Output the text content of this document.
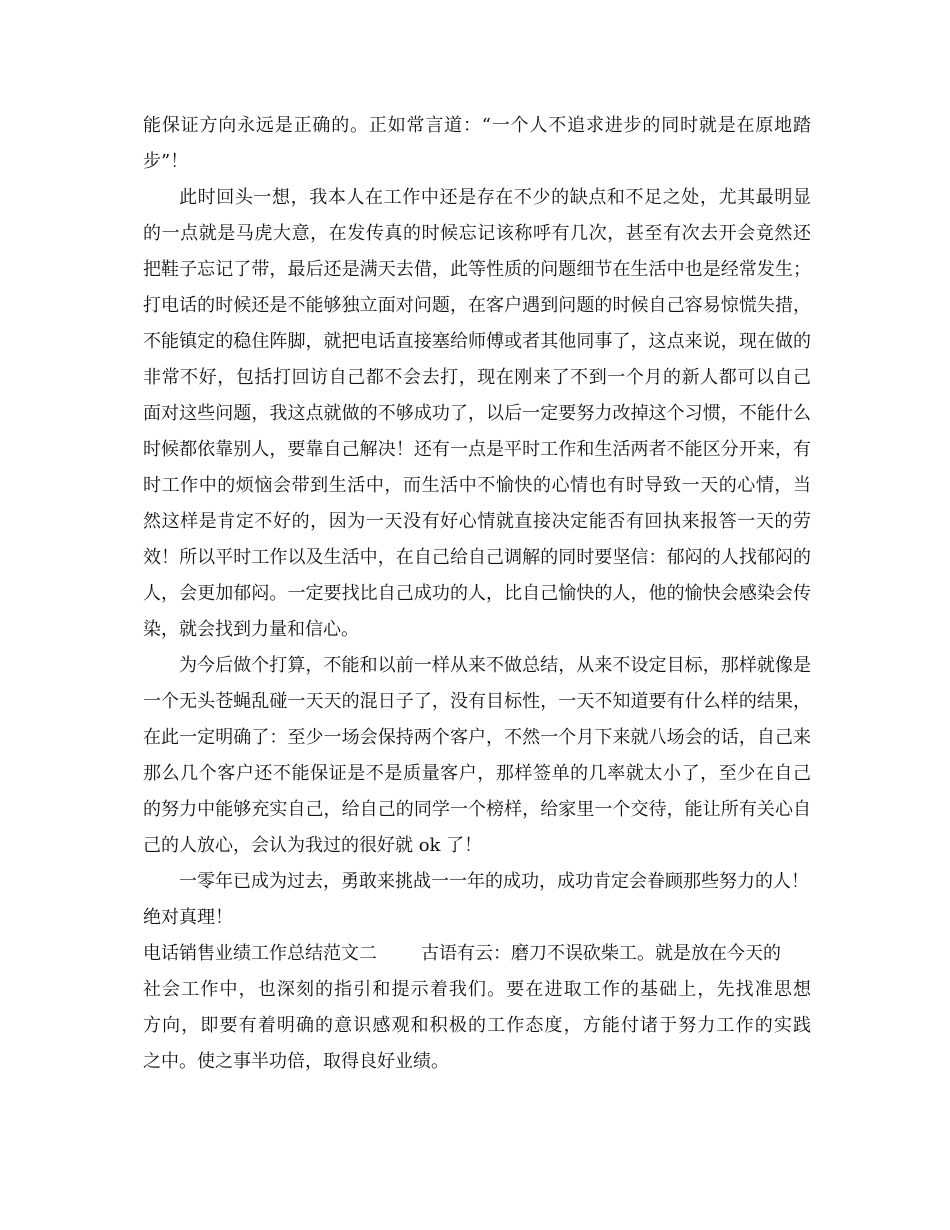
能保证方向永远是正确的。正如常言道：“一个人不追求进步的同时就是在原地踏
步”！
此时回头一想，我本人在工作中还是存在不少的缺点和不足之处，尤其最明显
的一点就是马虎大意，在发传真的时候忘记该称呼有几次，甚至有次去开会竟然还
把鞋子忘记了带，最后还是满天去借，此等性质的问题细节在生活中也是经常发生；
打电话的时候还是不能够独立面对问题，在客户遇到问题的时候自己容易惊慌失措，
不能镇定的稳住阵脚，就把电话直接塞给师傅或者其他同事了，这点来说，现在做的
非常不好，包括打回访自己都不会去打，现在刚来了不到一个月的新人都可以自己
面对这些问题，我这点就做的不够成功了，以后一定要努力改掉这个习惯，不能什么
时候都依靠别人，要靠自己解决！还有一点是平时工作和生活两者不能区分开来，有
时工作中的烦恼会带到生活中，而生活中不愉快的心情也有时导致一天的心情，当
然这样是肯定不好的，因为一天没有好心情就直接决定能否有回执来报答一天的劳
效！所以平时工作以及生活中，在自己给自己调解的同时要坚信：郁闷的人找郁闷的
人，会更加郁闷。一定要找比自己成功的人，比自己愉快的人，他的愉快会感染会传
染，就会找到力量和信心。
为今后做个打算，不能和以前一样从来不做总结，从来不设定目标，那样就像是
一个无头苍蝇乱碰一天天的混日子了，没有目标性，一天不知道要有什么样的结果，
在此一定明确了：至少一场会保持两个客户，不然一个月下来就八场会的话，自己来
那么几个客户还不能保证是不是质量客户，那样签单的几率就太小了，至少在自己
的努力中能够充实自己，给自己的同学一个榜样，给家里一个交待，能让所有关心自
己的人放心，会认为我过的很好就 ok 了！
一零年已成为过去，勇敢来挑战一一年的成功，成功肯定会眷顾那些努力的人！
绝对真理！
电话销售业绩工作总结范文二 古语有云：磨刀不误砍柴工。就是放在今天的
社会工作中，也深刻的指引和提示着我们。要在进取工作的基础上，先找准思想
方向，即要有着明确的意识感观和积极的工作态度，方能付诸于努力工作的实践
之中。使之事半功倍，取得良好业绩。
